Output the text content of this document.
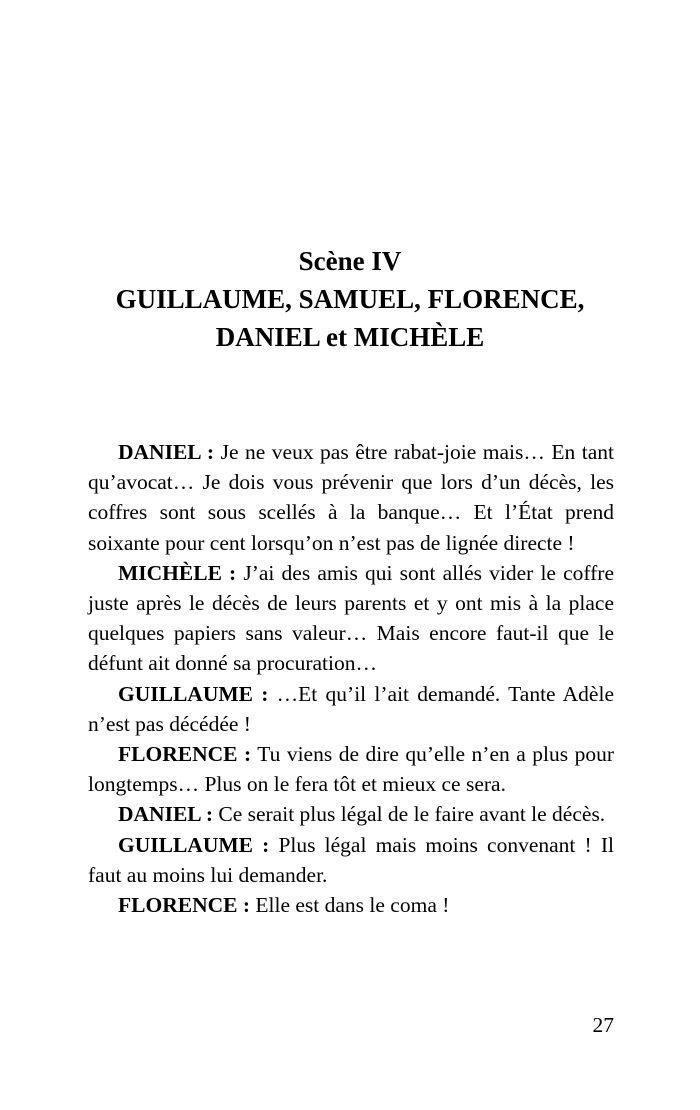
Scène IV
GUILLAUME, SAMUEL, FLORENCE,
DANIEL et MICHÈLE

DANIEL : Je ne veux pas être rabat-joie mais… En tant qu’avocat… Je dois vous prévenir que lors d’un décès, les coffres sont sous scellés à la banque… Et l’État prend soixante pour cent lorsqu’on n’est pas de lignée directe !

MICHÈLE : J’ai des amis qui sont allés vider le coffre juste après le décès de leurs parents et y ont mis à la place quelques papiers sans valeur… Mais encore faut-il que le défunt ait donné sa procuration…

GUILLAUME : …Et qu’il l’ait demandé. Tante Adèle n’est pas décédée !

FLORENCE : Tu viens de dire qu’elle n’en a plus pour longtemps… Plus on le fera tôt et mieux ce sera.

DANIEL : Ce serait plus légal de le faire avant le décès.

GUILLAUME : Plus légal mais moins convenant ! Il faut au moins lui demander.

FLORENCE : Elle est dans le coma !

27
